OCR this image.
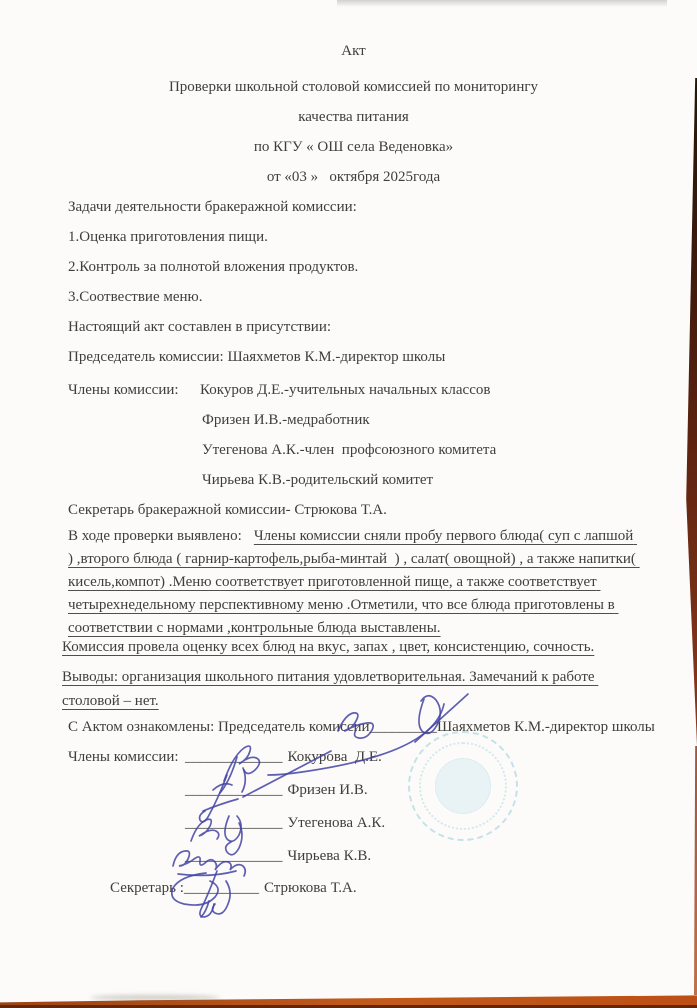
Акт
Проверки школьной столовой комиссией по мониторингу
качества питания
по КГУ « ОШ села Веденовка»
от «03 »   октября 2025года
Задачи деятельности бракеражной комиссии:
1.Оценка приготовления пищи.
2.Контроль за полнотой вложения продуктов.
3.Соотвествие меню.
Настоящий акт составлен в присутствии:
Председатель комиссии: Шаяхметов К.М.-директор школы
Члены комиссии: Кокуров Д.Е.-учительных начальных классов
Фризен И.В.-медработник
Утегенова А.К.-член  профсоюзного комитета
Чирьева К.В.-родительский комитет
Секретарь бракеражной комиссии- Стрюкова Т.А.

В ходе проверки выявлено: Члены комиссии сняли пробу первого блюда( суп с лапшой ) ,второго блюда ( гарнир-картофель,рыба-минтай  ) , салат( овощной) , а также напитки( кисель,компот) .Меню соответствует приготовленной пище, а также соответствует четырехнедельному перспективному меню .Отметили, что все блюда приготовлены в соответствии с нормами ,контрольные блюда выставлены.

Комиссия провела оценку всех блюд на вкус, запах , цвет, консистенцию, сочность.

Выводы: организация школьного питания удовлетворительная. Замечаний к работе столовой – нет.

С Актом ознакомлены: Председатель комиссии_________Шаяхметов К.М.-директор школы
Члены комиссии: _____________ Кокурова  Д.Е.
_____________ Фризен И.В.
_____________ Утегенова А.К.
_____________ Чирьева К.В.
Секретарь :__________ Стрюкова Т.А.
